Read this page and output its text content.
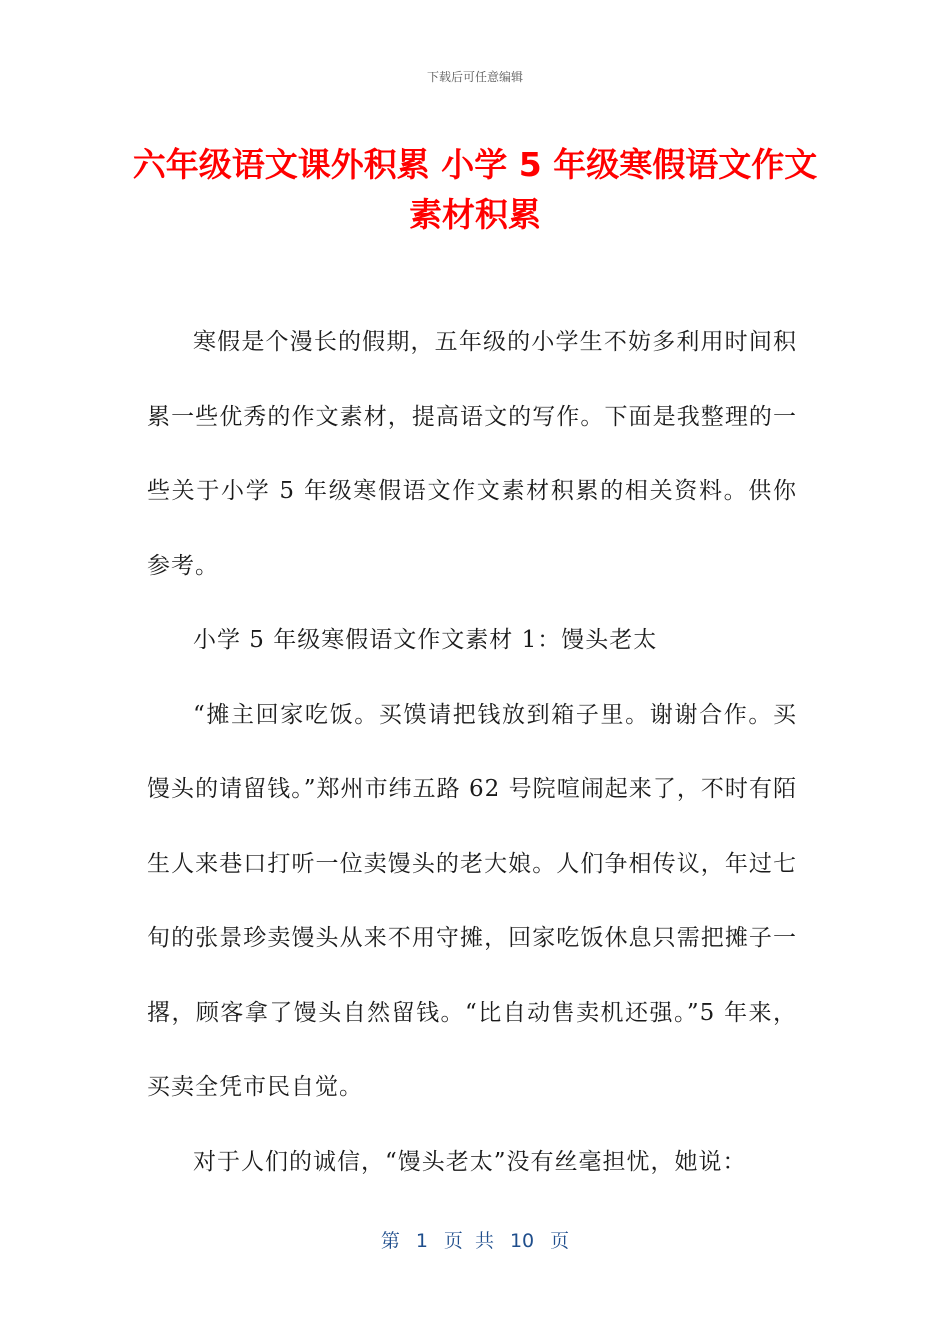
下载后可任意编辑
六年级语文课外积累 小学 5 年级寒假语文作文素材积累

寒假是个漫长的假期，五年级的小学生不妨多利用时间积累一些优秀的作文素材，提高语文的写作。下面是我整理的一些关于小学 5 年级寒假语文作文素材积累的相关资料。供你参考。

小学 5 年级寒假语文作文素材 1：馒头老太

“摊主回家吃饭。买馍请把钱放到箱子里。谢谢合作。买馒头的请留钱。”郑州市纬五路 62 号院喧闹起来了，不时有陌生人来巷口打听一位卖馒头的老大娘。人们争相传议，年过七旬的张景珍卖馒头从来不用守摊，回家吃饭休息只需把摊子一撂，顾客拿了馒头自然留钱。“比自动售卖机还强。”5 年来，买卖全凭市民自觉。

对于人们的诚信，“馒头老太”没有丝毫担忧，她说：

第 1 页 共 10 页
